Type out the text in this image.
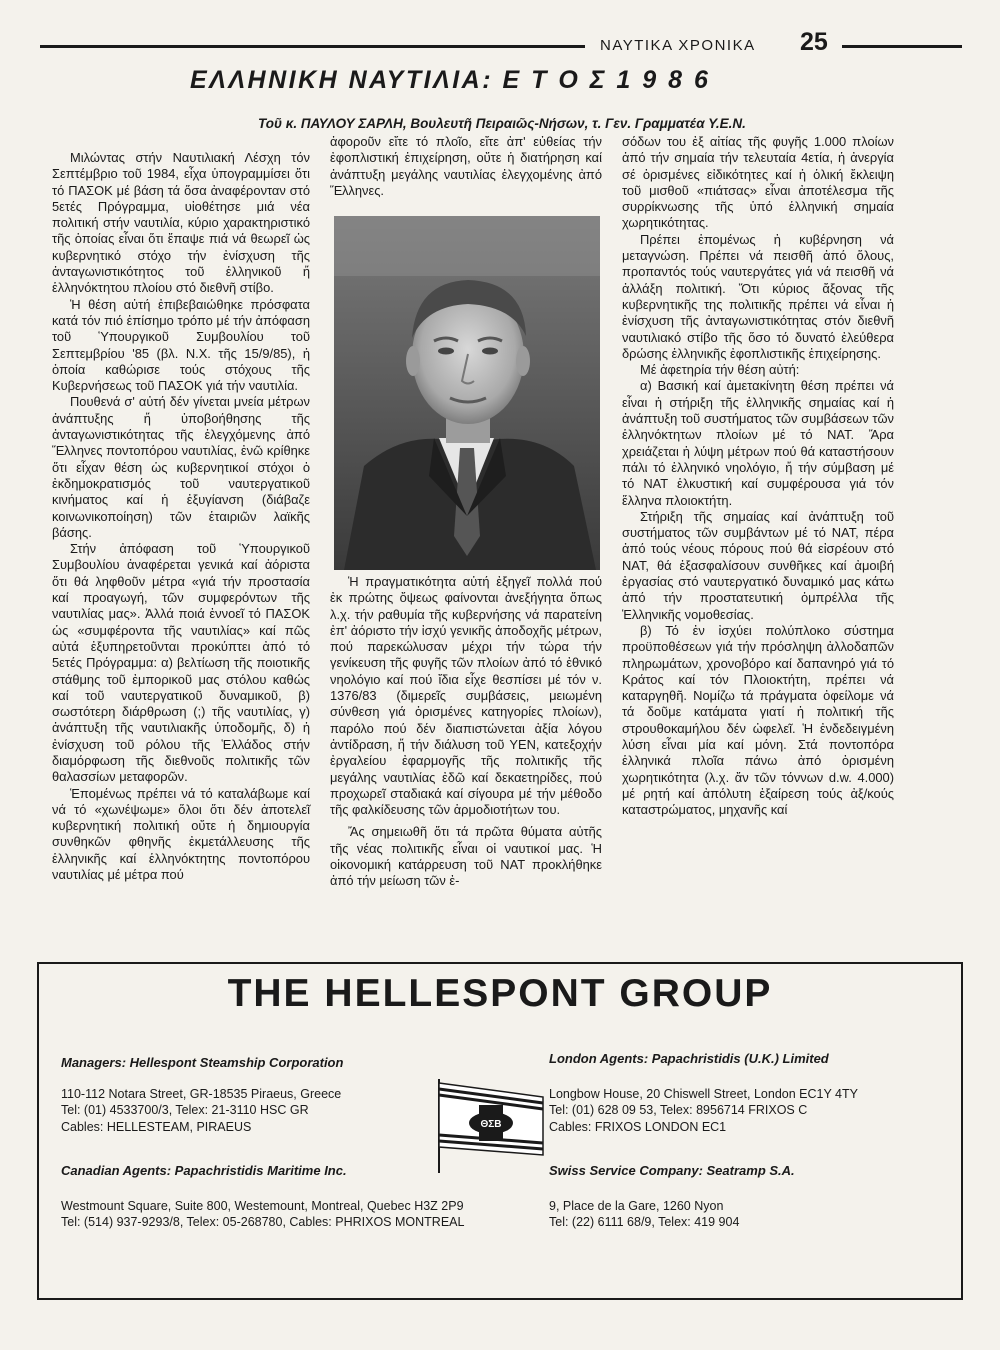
ΝΑΥΤΙΚΑ ΧΡΟΝΙΚΑ 25
ΕΛΛΗΝΙΚΗ ΝΑΥΤΙΛΙΑ: Ε Τ Ο Σ 1 9 8 6
Τοῦ κ. ΠΑΥΛΟΥ ΣΑΡΛΗ, Βουλευτῆ Πειραιῶς-Νήσων, τ. Γεν. Γραμματέα Υ.Ε.Ν.

Μιλώντας στήν Ναυτιλιακή Λέσχη τόν Σεπτέμβριο τοῦ 1984, εἶχα ὑπογραμμίσει ὅτι τό ΠΑΣΟΚ μέ βάση τά ὅσα ἀναφέρονταν στό 5ετές Πρόγραμμα, υἱοθέτησε μιά νέα πολιτική στήν ναυτιλία, κύριο χαρακτηριστικό τῆς ὁποίας εἶναι ὅτι ἔπαψε πιά νά θεωρεῖ ὡς κυβερνητικό στόχο τήν ἐνίσχυση τῆς ἀνταγωνιστικότητος τοῦ ἑλληνικοῦ ἤ ἑλληνόκτητου πλοίου στό διεθνῆ στίβο.

Ἡ θέση αὐτή ἐπιβεβαιώθηκε πρόσφατα κατά τόν πιό ἐπίσημο τρόπο μέ τήν ἀπόφαση τοῦ Ὑπουργικοῦ Συμβουλίου τοῦ Σεπτεμβρίου '85 (βλ. Ν.Χ. τῆς 15/9/85), ἡ ὁποία καθώρισε τούς στόχους τῆς Κυβερνήσεως τοῦ ΠΑΣΟΚ γιά τήν ναυτιλία.

Πουθενά σ' αὐτή δέν γίνεται μνεία μέτρων ἀνάπτυξης ἤ ὑποβοήθησης τῆς ἀνταγωνιστικότητας τῆς ἐλεγχόμενης ἀπό Ἕλληνες ποντοπόρου ναυτιλίας, ἐνῶ κρίθηκε ὅτι εἶχαν θέση ὡς κυβερνητικοί στόχοι ὁ ἐκδημοκρατισμός τοῦ ναυτεργατικοῦ κινήματος καί ἡ ἐξυγίανση (διάβαζε κοινωνικοποίηση) τῶν ἑταιριῶν λαϊκῆς βάσης.

Στήν ἀπόφαση τοῦ Ὑπουργικοῦ Συμβουλίου ἀναφέρεται γενικά καί ἀόριστα ὅτι θά ληφθοῦν μέτρα «γιά τήν προστασία καί προαγωγή, τῶν συμφερόντων τῆς ναυτιλίας μας». Ἀλλά ποιά ἐννοεῖ τό ΠΑΣΟΚ ὡς «συμφέροντα τῆς ναυτιλίας» καί πῶς αὐτά ἐξυπηρετοῦνται προκύπτει ἀπό τό 5ετές Πρόγραμμα: α) βελτίωση τῆς ποιοτικῆς στάθμης τοῦ ἐμπορικοῦ μας στόλου καθώς καί τοῦ ναυτεργατικοῦ δυναμικοῦ, β) σωστότερη διάρθρωση (;) τῆς ναυτιλίας, γ) ἀνάπτυξη τῆς ναυτιλιακῆς ὑποδομῆς, δ) ἡ ἐνίσχυση τοῦ ρόλου τῆς Ἑλλάδος στήν διαμόρφωση τῆς διεθνοῦς πολιτικῆς τῶν θαλασσίων μεταφορῶν.

Ἑπομένως πρέπει νά τό καταλάβωμε καί νά τό «χωνέψωμε» ὅλοι ὅτι δέν ἀποτελεῖ κυβερνητική πολιτική οὔτε ἡ δημιουργία συνθηκῶν φθηνῆς ἐκμετάλλευσης τῆς ἑλληνικῆς καί ἑλληνόκτητης ποντοπόρου ναυτιλίας μέ μέτρα πού

ἀφοροῦν εἴτε τό πλοῖο, εἴτε ἀπ' εὐθείας τήν ἐφοπλιστική ἐπιχείρηση, οὔτε ἡ διατήρηση καί ἀνάπτυξη μεγάλης ναυτιλίας ἐλεγχομένης ἀπό Ἕλληνες.

Ἡ πραγματικότητα αὐτή ἐξηγεῖ πολλά πού ἐκ πρώτης ὄψεως φαίνονται ἀνεξήγητα ὅπως λ.χ. τήν ραθυμία τῆς κυβερνήσης νά παρατείνη ἐπ' ἀόριστο τήν ἰσχύ γενικῆς ἀποδοχῆς μέτρων, πού παρεκώλυσαν μέχρι τήν τώρα τήν γενίκευση τῆς φυγῆς τῶν πλοίων ἀπό τό ἐθνικό νηολόγιο καί πού ἴδια εἶχε θεσπίσει μέ τόν ν. 1376/83 (διμερεῖς συμβάσεις, μειωμένη σύνθεση γιά ὁρισμένες κατηγορίες πλοίων), παρόλο πού δέν διαπιστώνεται ἀξία λόγου ἀντίδραση, ἤ τήν διάλυση τοῦ ΥΕΝ, κατεξοχήν ἐργαλείου ἐφαρμογῆς τῆς πολιτικῆς τῆς μεγάλης ναυτιλίας ἐδῶ καί δεκαετηρίδες, πού προχωρεῖ σταδιακά καί σίγουρα μέ τήν μέθοδο τῆς φαλκίδευσης τῶν ἁρμοδιοτήτων του.

Ἄς σημειωθῆ ὅτι τά πρῶτα θύματα αὐτῆς τῆς νέας πολιτικῆς εἶναι οἱ ναυτικοί μας. Ἡ οἰκονομική κατάρρευση τοῦ ΝΑΤ προκλήθηκε ἀπό τήν μείωση τῶν ἐ-

σόδων του ἐξ αἰτίας τῆς φυγῆς 1.000 πλοίων ἀπό τήν σημαία τήν τελευταία 4ετία, ἡ ἀνεργία σέ ὁρισμένες εἰδικότητες καί ἡ ὁλική ἔκλειψη τοῦ μισθοῦ «πιάτσας» εἶναι ἀποτέλεσμα τῆς συρρίκνωσης τῆς ὑπό ἑλληνική σημαία χωρητικότητας.

Πρέπει ἑπομένως ἡ κυβέρνηση νά μεταγνώση. Πρέπει νά πεισθῆ ἀπό ὅλους, προπαντός τούς ναυτεργάτες γιά νά πεισθῆ νά ἀλλάξη πολιτική. Ὅτι κύριος ἄξονας τῆς κυβερνητικῆς της πολιτικῆς πρέπει νά εἶναι ἡ ἐνίσχυση τῆς ἀνταγωνιστικότητας στόν διεθνῆ ναυτιλιακό στίβο τῆς ὅσο τό δυνατό ἐλεύθερα δρώσης ἑλληνικῆς ἐφοπλιστικῆς ἐπιχείρησης.

Μέ ἀφετηρία τήν θέση αὐτή:

α) Βασική καί ἀμετακίνητη θέση πρέπει νά εἶναι ἡ στήριξη τῆς ἑλληνικῆς σημαίας καί ἡ ἀνάπτυξη τοῦ συστήματος τῶν συμβάσεων τῶν ἑλληνόκτητων πλοίων μέ τό ΝΑΤ. Ἄρα χρειάζεται ἡ λύψη μέτρων πού θά καταστήσουν πάλι τό ἑλληνικό νηολόγιο, ἤ τήν σύμβαση μέ τό ΝΑΤ ἑλκυστική καί συμφέρουσα γιά τόν ἕλληνα πλοιοκτήτη.

Στήριξη τῆς σημαίας καί ἀνάπτυξη τοῦ συστήματος τῶν συμβάντων μέ τό ΝΑΤ, πέρα ἀπό τούς νέους πόρους πού θά εἰσρέουν στό ΝΑΤ, θά ἐξασφαλίσουν συνθῆκες καί ἀμοιβή ἐργασίας στό ναυτεργατικό δυναμικό μας κάτω ἀπό τήν προστατευτική ὀμπρέλλα τῆς Ἑλληνικῆς νομοθεσίας.

β) Τό ἐν ἰσχύει πολύπλοκο σύστημα προϋποθέσεων γιά τήν πρόσληψη ἀλλοδαπῶν πληρωμάτων, χρονοβόρο καί δαπανηρό γιά τό Κράτος καί τόν Πλοιοκτήτη, πρέπει νά καταργηθῆ. Νομίζω τά πράγματα ὀφείλομε νά τά δοῦμε κατάματα γιατί ἡ πολιτική τῆς στρουθοκαμήλου δέν ὠφελεῖ. Ἡ ἐνδεδειγμένη λύση εἶναι μία καί μόνη. Στά ποντοπόρα ἑλληνικά πλοῖα πάνω ἀπό ὁρισμένη χωρητικότητα (λ.χ. ἄν τῶν τόννων d.w. 4.000) μέ ρητή καί ἀπόλυτη ἐξαίρεση τούς ἀξ/κούς καταστρώματος, μηχανῆς καί

THE HELLESPONT GROUP
Managers: Hellespont Steamship Corporation
110-112 Notara Street, GR-18535 Piraeus, Greece
Tel: (01) 4533700/3, Telex: 21-3110 HSC GR
Cables: HELLESTEAM, PIRAEUS
London Agents: Papachristidis (U.K.) Limited
Longbow House, 20 Chiswell Street, London EC1Y 4TY
Tel: (01) 628 09 53, Telex: 8956714 FRIXOS C
Cables: FRIXOS LONDON EC1
ΘΣΒ
Canadian Agents: Papachristidis Maritime Inc.
Westmount Square, Suite 800, Westemount, Montreal, Quebec H3Z 2P9
Tel: (514) 937-9293/8, Telex: 05-268780, Cables: PHRIXOS MONTREAL
Swiss Service Company: Seatramp S.A.
9, Place de la Gare, 1260 Nyon
Tel: (22) 6111 68/9, Telex: 419 904
